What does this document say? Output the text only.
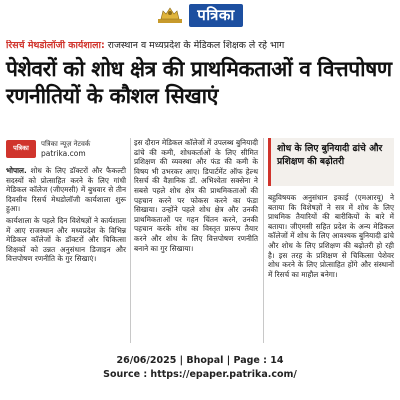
पत्रिका
रिसर्च मेथडोलॉजी कार्यशाला: राजस्थान व मध्यप्रदेश के मेडिकल शिक्षक ले रहे भाग
पेशेवरों को शोध क्षेत्र की प्राथमिकताओं व वित्तपोषण रणनीतियों के कौशल सिखाएं
पत्रिका
पत्रिका न्यूज़ नेटवर्क
patrika.com

भोपाल. शोध के लिए डॉक्टरों और फैकल्टी सदस्यों को प्रोत्साहित करने के लिए गांधी मेडिकल कॉलेज (जीएमसी) में बुधवार से तीन दिवसीय रिसर्च मेथडोलॉजी कार्यशाला शुरू हुआ।

कार्यशाला के पहले दिन विशेषज्ञों ने कार्यशाला में आए राजस्थान और मध्यप्रदेश के विभिन्न मेडिकल कॉलेजों के डॉक्टरों और चिकित्सा शिक्षकों को उन्नत अनुसंधान डिजाइन और वित्तपोषण रणनीति के गुर सिखाएं।

इस दौरान मेडिकल कॉलेजों में उपलब्ध बुनियादी ढांचे की कमी, शोधकर्ताओं के लिए सीमित प्रशिक्षण की व्यवस्था और फंड की कमी के विषय भी उभरकर आए। डिपार्टमेंट ऑफ हेल्थ रिसर्च की वैज्ञानिक डॉ. अभिश्वेता सक्सेना ने सबसे पहले शोध क्षेत्र की प्राथमिकताओं की पहचान करने पर फोकस करने का फंडा सिखाया। उन्होंने पहले शोध क्षेत्र और उनकी प्राथमिकताओं पर गहन चिंतन करने, उनकी पहचान करके शोध का विस्तृत प्रारूप तैयार करने और शोध के लिए वित्तपोषण रणनीति बनाने का गुर सिखाया।

शोध के लिए बुनियादी ढांचे और प्रशिक्षण की बढ़ोतरी

बहुविषयक अनुसंधान इकाई (एमआरयू) ने बताया कि विशेषज्ञों ने सत्र में शोध के लिए प्राथमिक तैयारियों की बारीकियों के बारे में बताया। जीएमसी सहित प्रदेश के अन्य मेडिकल कॉलेजों में शोध के लिए आवश्यक बुनियादी ढांचे और शोध के लिए प्रशिक्षण की बढ़ोतरी हो रही है। इस तरह के प्रशिक्षण से चिकित्सा पेशेवर शोध करने के लिए प्रोत्साहित होंगे और संस्थानों में रिसर्च का माहौल बनेगा।

26/06/2025 | Bhopal | Page : 14
Source : https://epaper.patrika.com/
